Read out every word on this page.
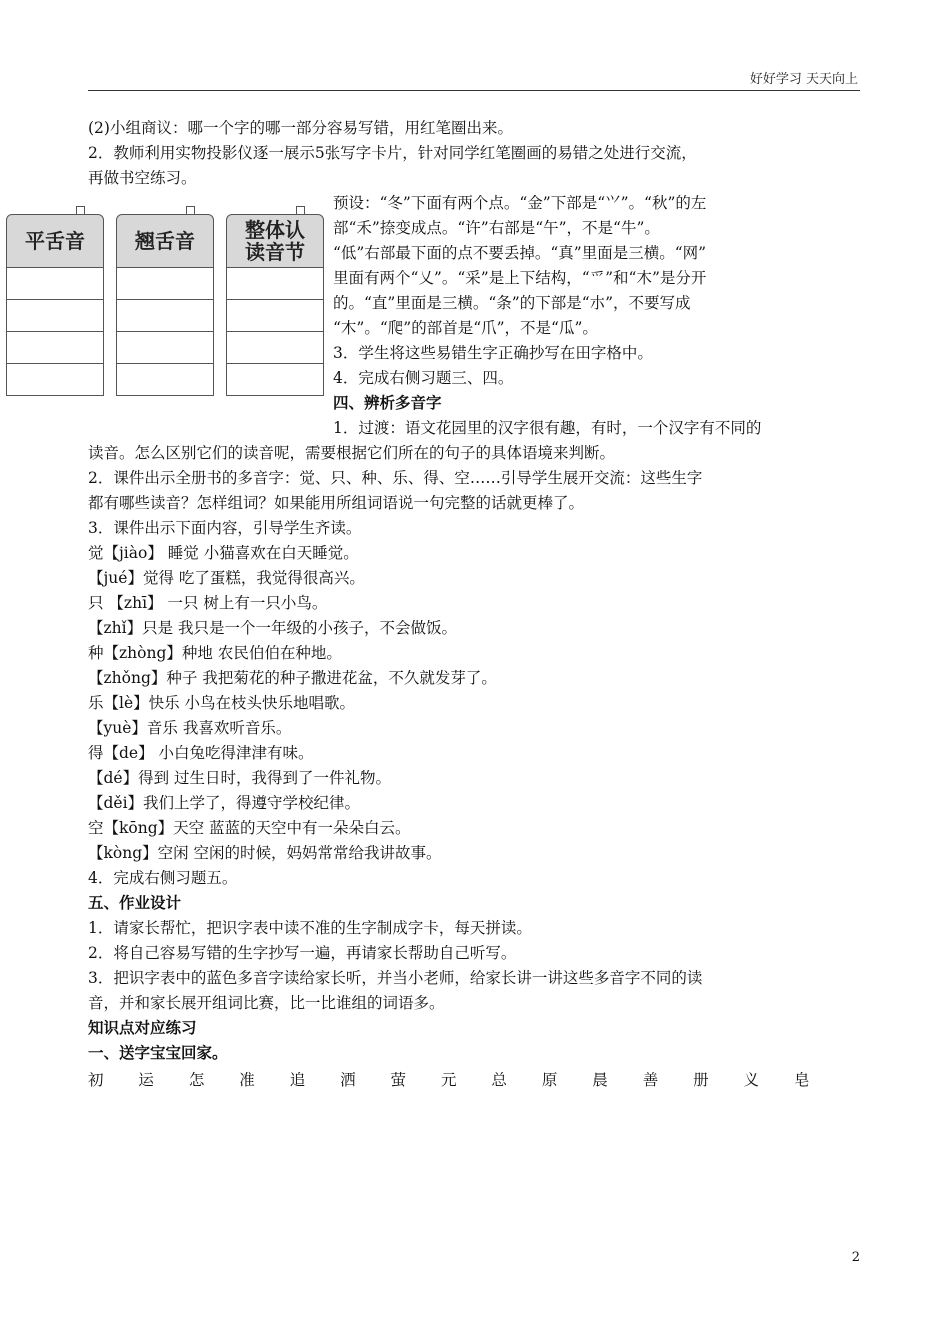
好好学习 天天向上
(2)小组商议：哪一个字的哪一部分容易写错，用红笔圈出来。
2．教师利用实物投影仪逐一展示5张写字卡片，针对同学红笔圈画的易错之处进行交流，
再做书空练习。
平舌音	翘舌音	整体认读音节
预设：“冬”下面有两个点。“金”下部是“⺍”。“秋”的左
部“禾”捺变成点。“许”右部是“午”，不是“牛”。
“低”右部最下面的点不要丢掉。“真”里面是三横。“网”
里面有两个“乂”。“采”是上下结构，“爫”和“木”是分开
的。“直”里面是三横。“条”的下部是“朩”，不要写成
“木”。“爬”的部首是“爪”，不是“瓜”。
3．学生将这些易错生字正确抄写在田字格中。
4．完成右侧习题三、四。
四、辨析多音字
1．过渡：语文花园里的汉字很有趣，有时，一个汉字有不同的
读音。怎么区别它们的读音呢，需要根据它们所在的句子的具体语境来判断。
2．课件出示全册书的多音字：觉、只、种、乐、得、空……引导学生展开交流：这些生字
都有哪些读音？怎样组词？如果能用所组词语说一句完整的话就更棒了。
3．课件出示下面内容，引导学生齐读。
觉【jiào】 睡觉 小猫喜欢在白天睡觉。
【jué】觉得 吃了蛋糕，我觉得很高兴。
只 【zhī】 一只 树上有一只小鸟。
【zhǐ】只是 我只是一个一年级的小孩子，不会做饭。
种【zhòng】种地 农民伯伯在种地。
【zhǒng】种子 我把菊花的种子撒进花盆，不久就发芽了。
乐【lè】快乐 小鸟在枝头快乐地唱歌。
【yuè】音乐 我喜欢听音乐。
得【de】 小白兔吃得津津有味。
【dé】得到 过生日时，我得到了一件礼物。
【děi】我们上学了，得遵守学校纪律。
空【kōng】天空 蓝蓝的天空中有一朵朵白云。
【kòng】空闲 空闲的时候，妈妈常常给我讲故事。
4．完成右侧习题五。
五、作业设计
1．请家长帮忙，把识字表中读不准的生字制成字卡，每天拼读。
2．将自己容易写错的生字抄写一遍，再请家长帮助自己听写。
3．把识字表中的蓝色多音字读给家长听，并当小老师，给家长讲一讲这些多音字不同的读
音，并和家长展开组词比赛，比一比谁组的词语多。
知识点对应练习
一、送字宝宝回家。
初 运 怎 准 追 洒 萤 元 总 原 晨 善 册 义 皂
2
